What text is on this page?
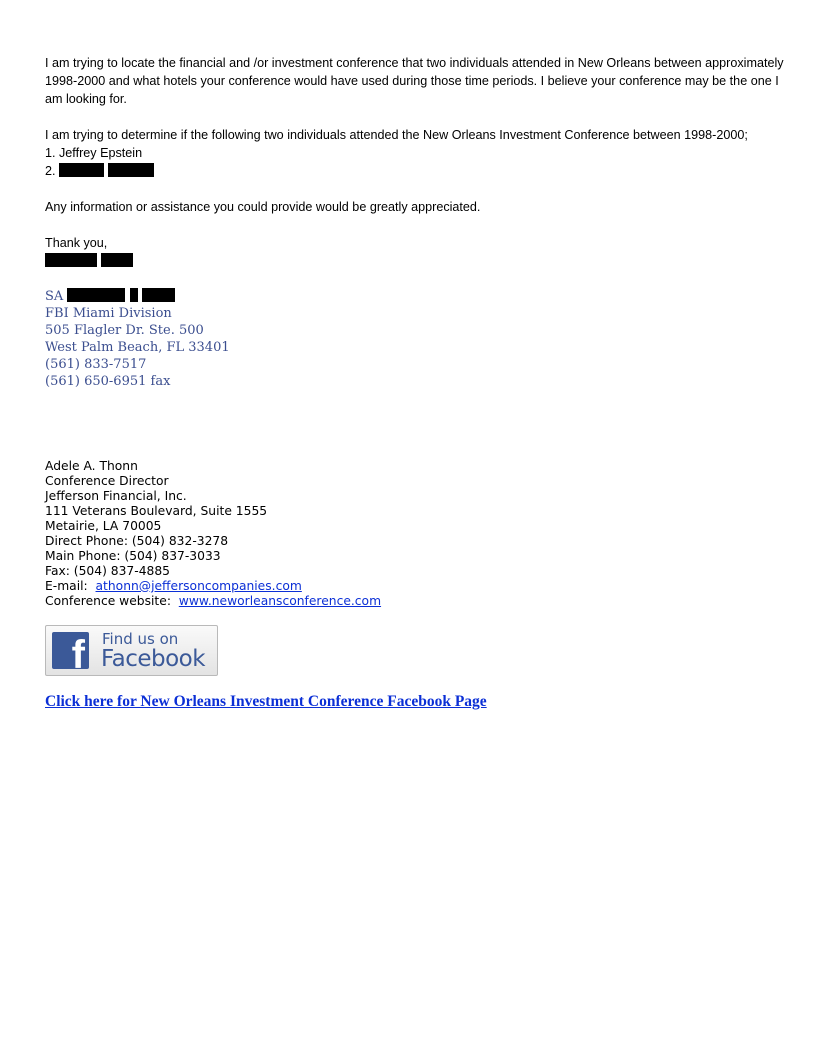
I am trying to locate the financial and /or investment conference that two individuals attended in New Orleans between approximately 1998-2000 and what hotels your conference would have used during those time periods. I believe your conference may be the one I am looking for.

I am trying to determine if the following two individuals attended the New Orleans Investment Conference between 1998-2000;

1. Jeffrey Epstein

2.

Any information or assistance you could provide would be greatly appreciated.

Thank you,

SA
FBI Miami Division
505 Flagler Dr. Ste. 500
West Palm Beach, FL 33401
(561) 833-7517
(561) 650-6951 fax
Adele A. Thonn
Conference Director
Jefferson Financial, Inc.
111 Veterans Boulevard, Suite 1555
Metairie, LA 70005
Direct Phone: (504) 832-3278
Main Phone: (504) 837-3033
Fax: (504) 837-4885
E-mail:  athonn@jeffersoncompanies.com
Conference website:  www.neworleansconference.com
f Find us on
Facebook
Click here for New Orleans Investment Conference Facebook Page
